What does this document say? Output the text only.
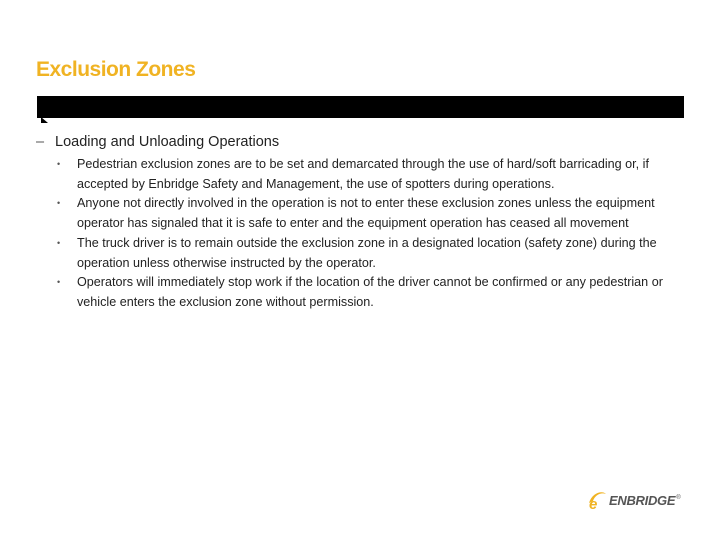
Exclusion Zones
– Loading and Unloading Operations
•	Pedestrian exclusion zones are to be set and demarcated through the use of hard/soft barricading or, if accepted by Enbridge Safety and Management, the use of spotters during operations.
•	Anyone not directly involved in the operation is not to enter these exclusion zones unless the equipment operator has signaled that it is safe to enter and the equipment operation has ceased all movement
•	The truck driver is to remain outside the exclusion zone in a designated location (safety zone) during the operation unless otherwise instructed by the operator.
•	Operators will immediately stop work if the location of the driver cannot be confirmed or any pedestrian or vehicle enters the exclusion zone without permission.
e ENBRIDGE ®
